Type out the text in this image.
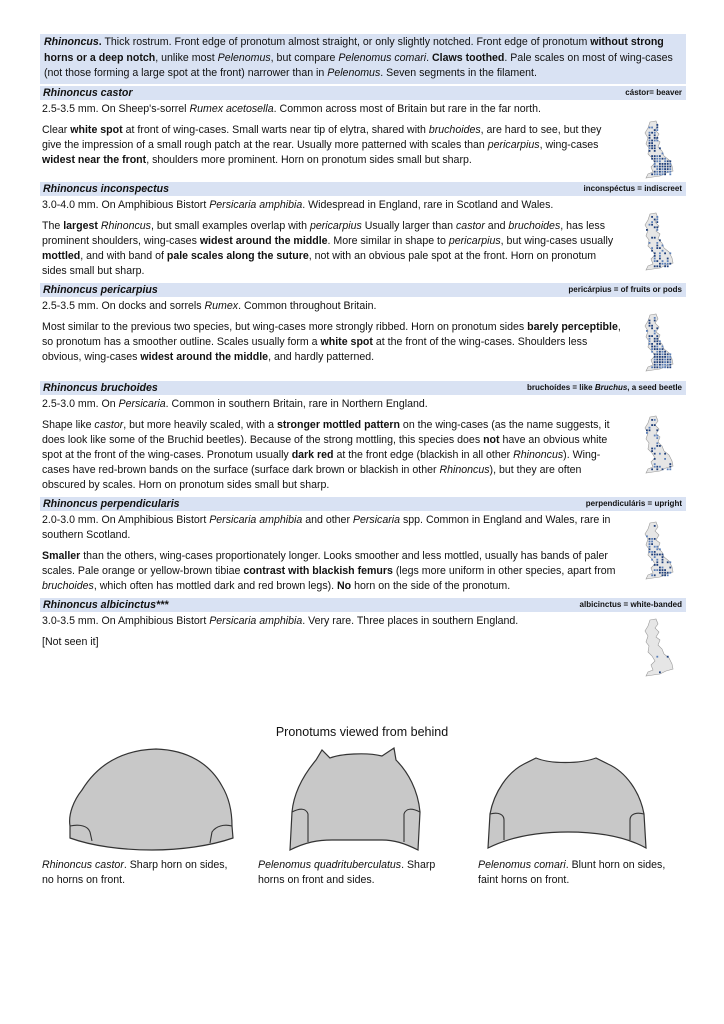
Rhinoncus. Thick rostrum. Front edge of pronotum almost straight, or only slightly notched. Front edge of pronotum without strong horns or a deep notch, unlike most Pelenomus, but compare Pelenomus comari. Claws toothed. Pale scales on most of wing-cases (not those forming a large spot at the front) narrower than in Pelenomus. Seven segments in the filament.
Rhinoncus castor	cástor= beaver

2.5-3.5 mm. On Sheep's-sorrel Rumex acetosella. Common across most of Britain but rare in the far north.

Clear white spot at front of wing-cases. Small warts near tip of elytra, shared with bruchoides, are hard to see, but they give the impression of a small rough patch at the rear. Usually more patterned with scales than pericarpius, wing-cases widest near the front, shoulders more prominent. Horn on pronotum sides small but sharp.

Rhinoncus inconspectus	inconspéctus = indiscreet

3.0-4.0 mm. On Amphibious Bistort Persicaria amphibia. Widespread in England, rare in Scotland and Wales.

The largest Rhinoncus, but small examples overlap with pericarpius Usually larger than castor and bruchoides, has less prominent shoulders, wing-cases widest around the middle. More similar in shape to pericarpius, but wing-cases usually mottled, and with band of pale scales along the suture, not with an obvious pale spot at the front. Horn on pronotum sides small but sharp.

Rhinoncus pericarpius	pericárpius = of fruits or pods

2.5-3.5 mm. On docks and sorrels Rumex. Common throughout Britain.

Most similar to the previous two species, but wing-cases more strongly ribbed. Horn on pronotum sides barely perceptible, so pronotum has a smoother outline. Scales usually form a white spot at the front of the wing-cases. Shoulders less obvious, wing-cases widest around the middle, and hardly patterned.

Rhinoncus bruchoides	bruchoídes = like Bruchus, a seed beetle

2.5-3.0 mm. On Persicaria. Common in southern Britain, rare in Northern England.

Shape like castor, but more heavily scaled, with a stronger mottled pattern on the wing-cases (as the name suggests, it does look like some of the Bruchid beetles). Because of the strong mottling, this species does not have an obvious white spot at the front of the wing-cases. Pronotum usually dark red at the front edge (blackish in all other Rhinoncus). Wing-cases have red-brown bands on the surface (surface dark brown or blackish in other Rhinoncus), but they are often obscured by scales. Horn on pronotum sides small but sharp.

Rhinoncus perpendicularis	perpendiculáris = upright

2.0-3.0 mm. On Amphibious Bistort Persicaria amphibia and other Persicaria spp. Common in England and Wales, rare in southern Scotland.

Smaller than the others, wing-cases proportionately longer. Looks smoother and less mottled, usually has bands of paler scales. Pale orange or yellow-brown tibiae contrast with blackish femurs (legs more uniform in other species, apart from bruchoides, which often has mottled dark and red brown legs). No horn on the side of the pronotum.

Rhinoncus albicinctus***	albicinctus = white-banded

3.0-3.5 mm. On Amphibious Bistort Persicaria amphibia. Very rare. Three places in southern England.

[Not seen it]

Pronotums viewed from behind
Rhinoncus castor. Sharp horn on sides, no horns on front.
Pelenomus quadrituberculatus. Sharp horns on front and sides.
Pelenomus comari. Blunt horn on sides, faint horns on front.
